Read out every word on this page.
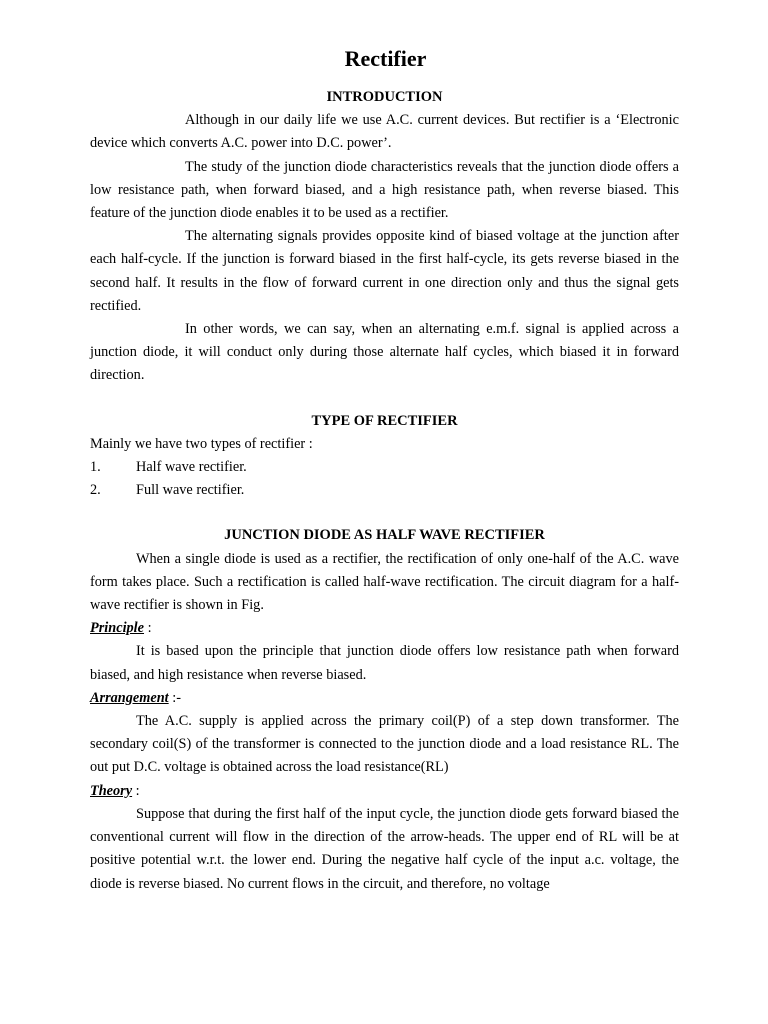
Rectifier
INTRODUCTION

Although in our daily life we use A.C. current devices. But rectifier is a ‘Electronic device which converts A.C. power into D.C. power’.

The study of the junction diode characteristics reveals that the junction diode offers a low resistance path, when forward biased, and a high resistance path, when reverse biased. This feature of the junction diode enables it to be used as a rectifier.

The alternating signals provides opposite kind of biased voltage at the junction after each half-cycle. If the junction is forward biased in the first half-cycle, its gets reverse biased in the second half. It results in the flow of forward current in one direction only and thus the signal gets rectified.

In other words, we can say, when an alternating e.m.f. signal is applied across a junction diode, it will conduct only during those alternate half cycles, which biased it in forward direction.

TYPE OF RECTIFIER

Mainly we have two types of rectifier :

1.	Half wave rectifier.
2.	Full wave rectifier.
JUNCTION DIODE AS HALF WAVE RECTIFIER

When a single diode is used as a rectifier, the rectification of only one-half of the A.C. wave form takes place. Such a rectification is called half-wave rectification. The circuit diagram for a half-wave rectifier is shown in Fig.

Principle :

It is based upon the principle that junction diode offers low resistance path when forward biased, and high resistance when reverse biased.

Arrangement :-

The A.C. supply is applied across the primary coil(P) of a step down transformer. The secondary coil(S) of the transformer is connected to the junction diode and a load resistance RL. The out put D.C. voltage is obtained across the load resistance(RL)

Theory :

Suppose that during the first half of the input cycle, the junction diode gets forward biased the conventional current will flow in the direction of the arrow-heads. The upper end of RL will be at positive potential w.r.t. the lower end. During the negative half cycle of the input a.c. voltage, the diode is reverse biased. No current flows in the circuit, and therefore, no voltage
